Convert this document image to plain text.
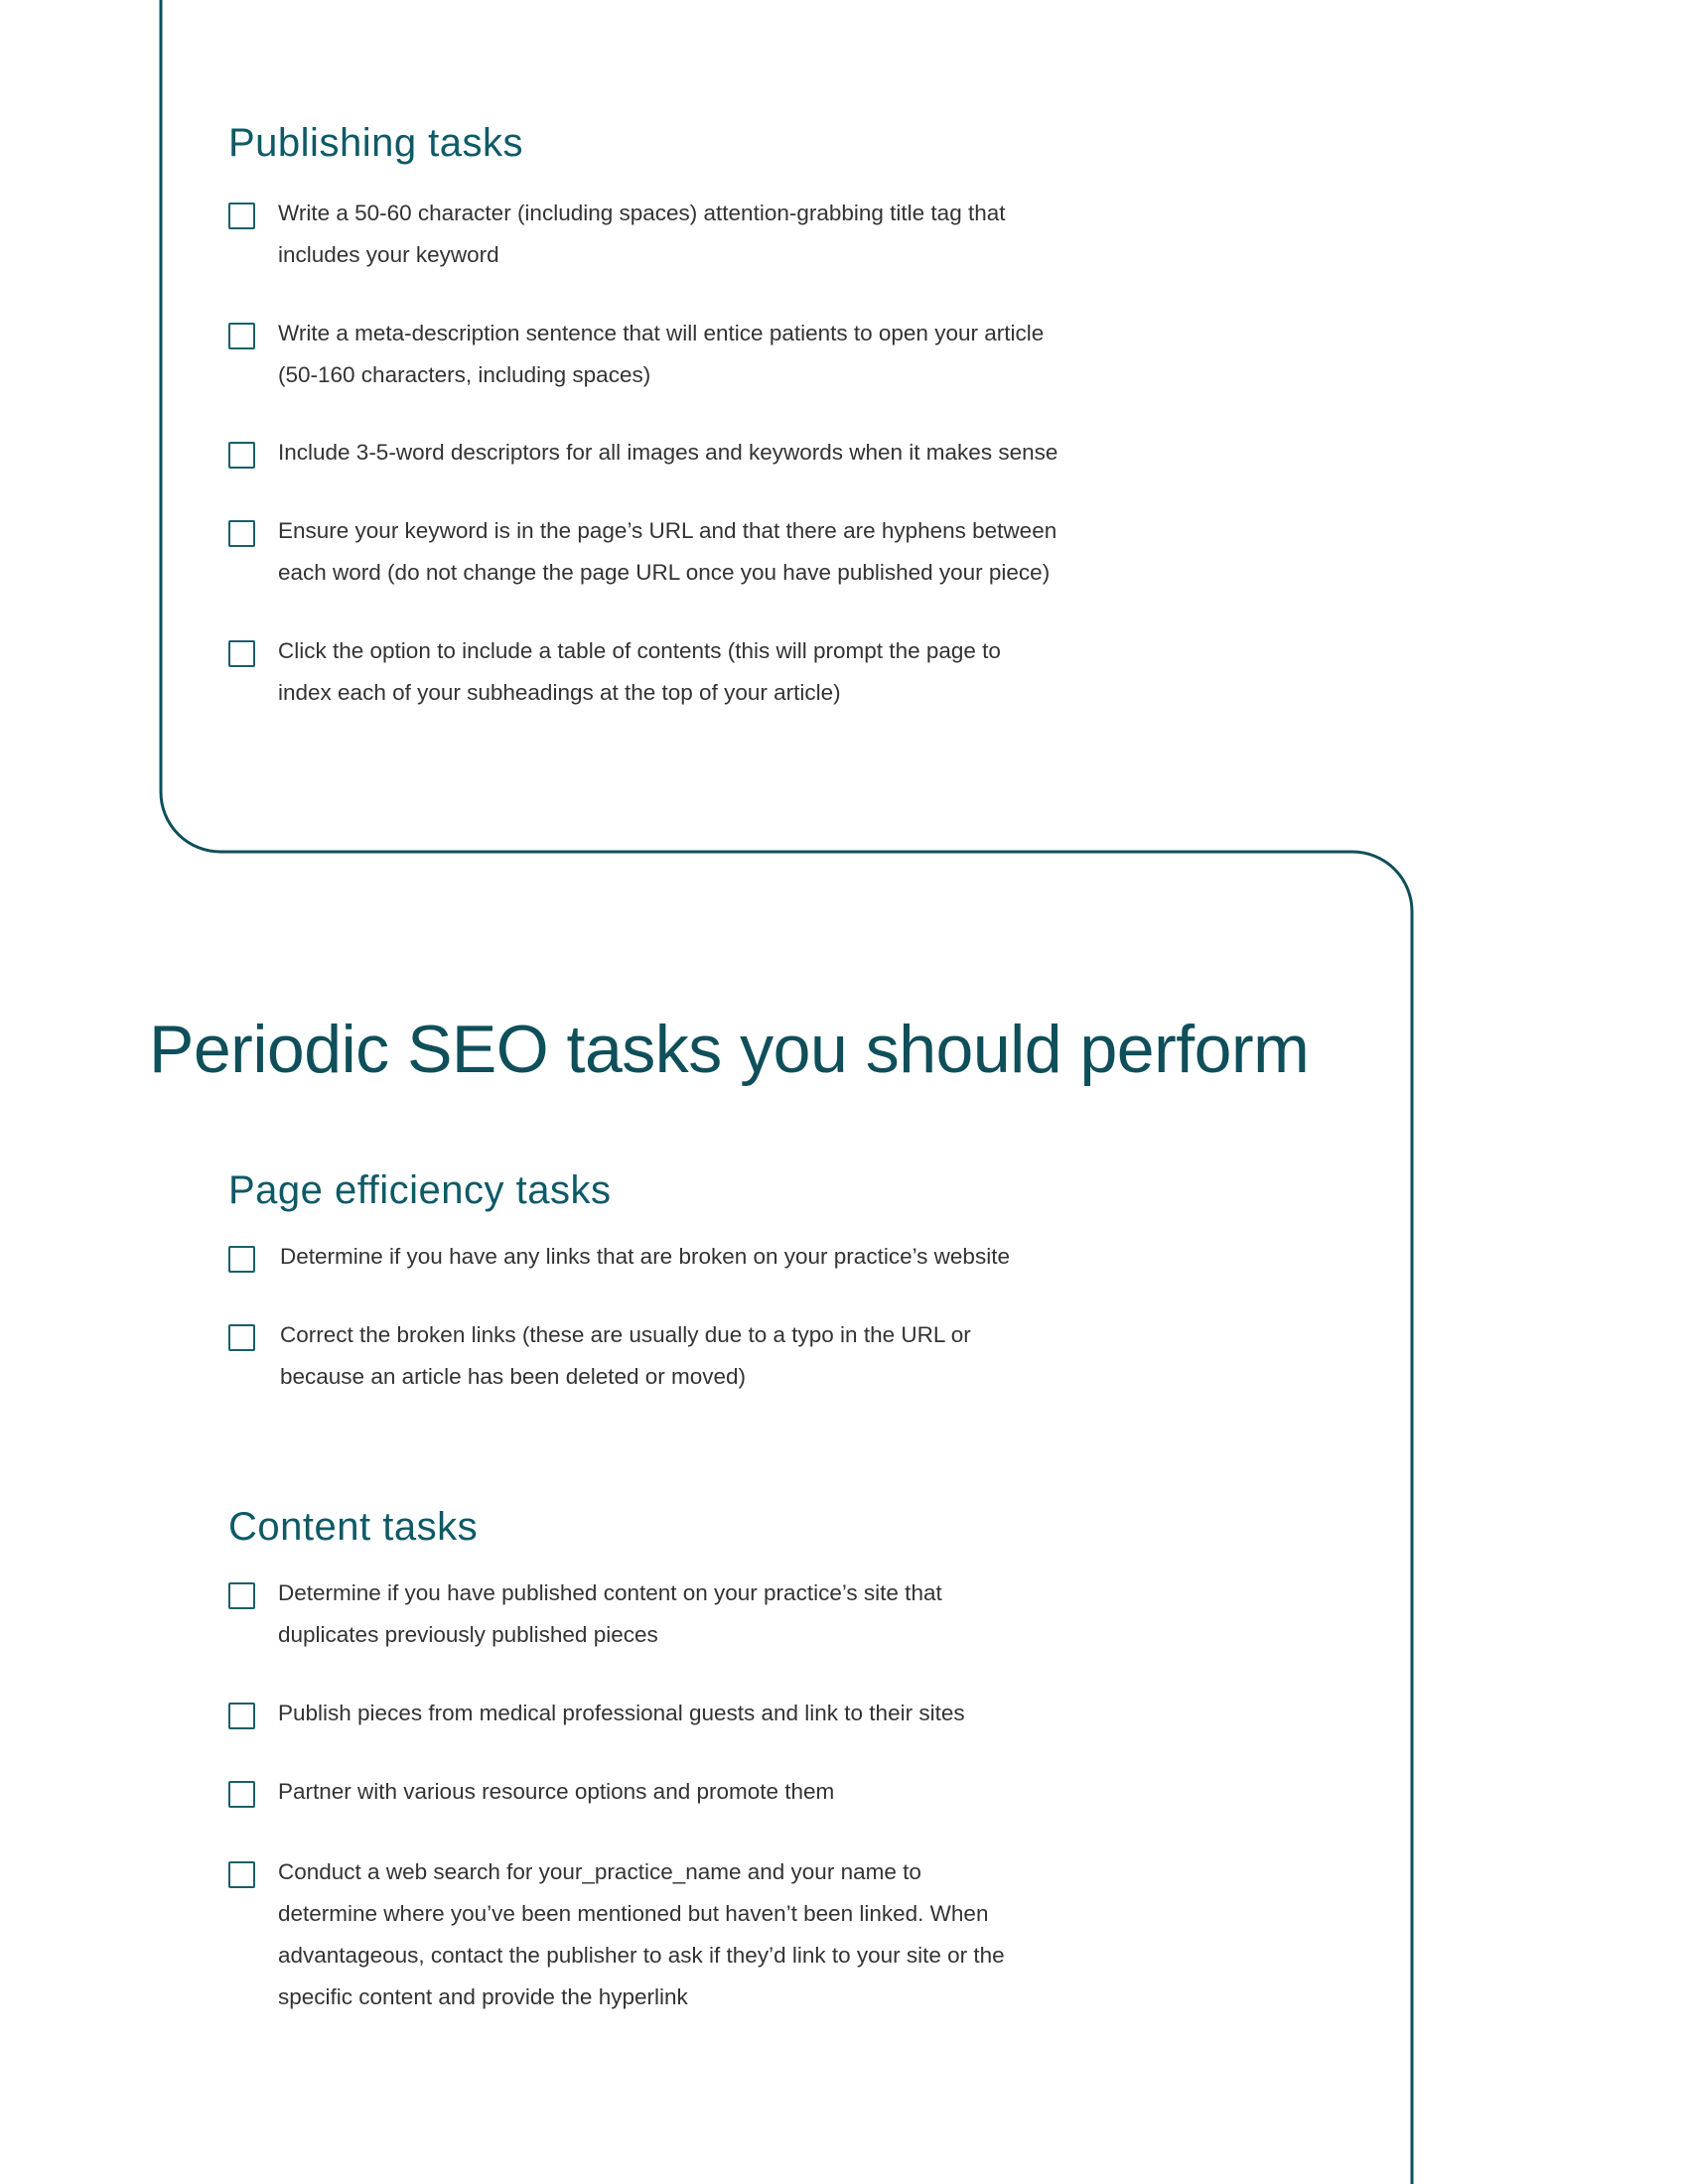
Publishing tasks
Write a 50-60 character (including spaces) attention-grabbing title tag that
includes your keyword
Write a meta-description sentence that will entice patients to open your article
(50-160 characters, including spaces)
Include 3-5-word descriptors for all images and keywords when it makes sense
Ensure your keyword is in the page’s URL and that there are hyphens between
each word (do not change the page URL once you have published your piece)
Click the option to include a table of contents (this will prompt the page to
index each of your subheadings at the top of your article)
Periodic SEO tasks you should perform
Page efficiency tasks
Determine if you have any links that are broken on your practice’s website
Correct the broken links (these are usually due to a typo in the URL or
because an article has been deleted or moved)
Content tasks
Determine if you have published content on your practice’s site that
duplicates previously published pieces
Publish pieces from medical professional guests and link to their sites
Partner with various resource options and promote them
Conduct a web search for your_practice_name and your name to
determine where you’ve been mentioned but haven’t been linked. When
advantageous, contact the publisher to ask if they’d link to your site or the
specific content and provide the hyperlink
